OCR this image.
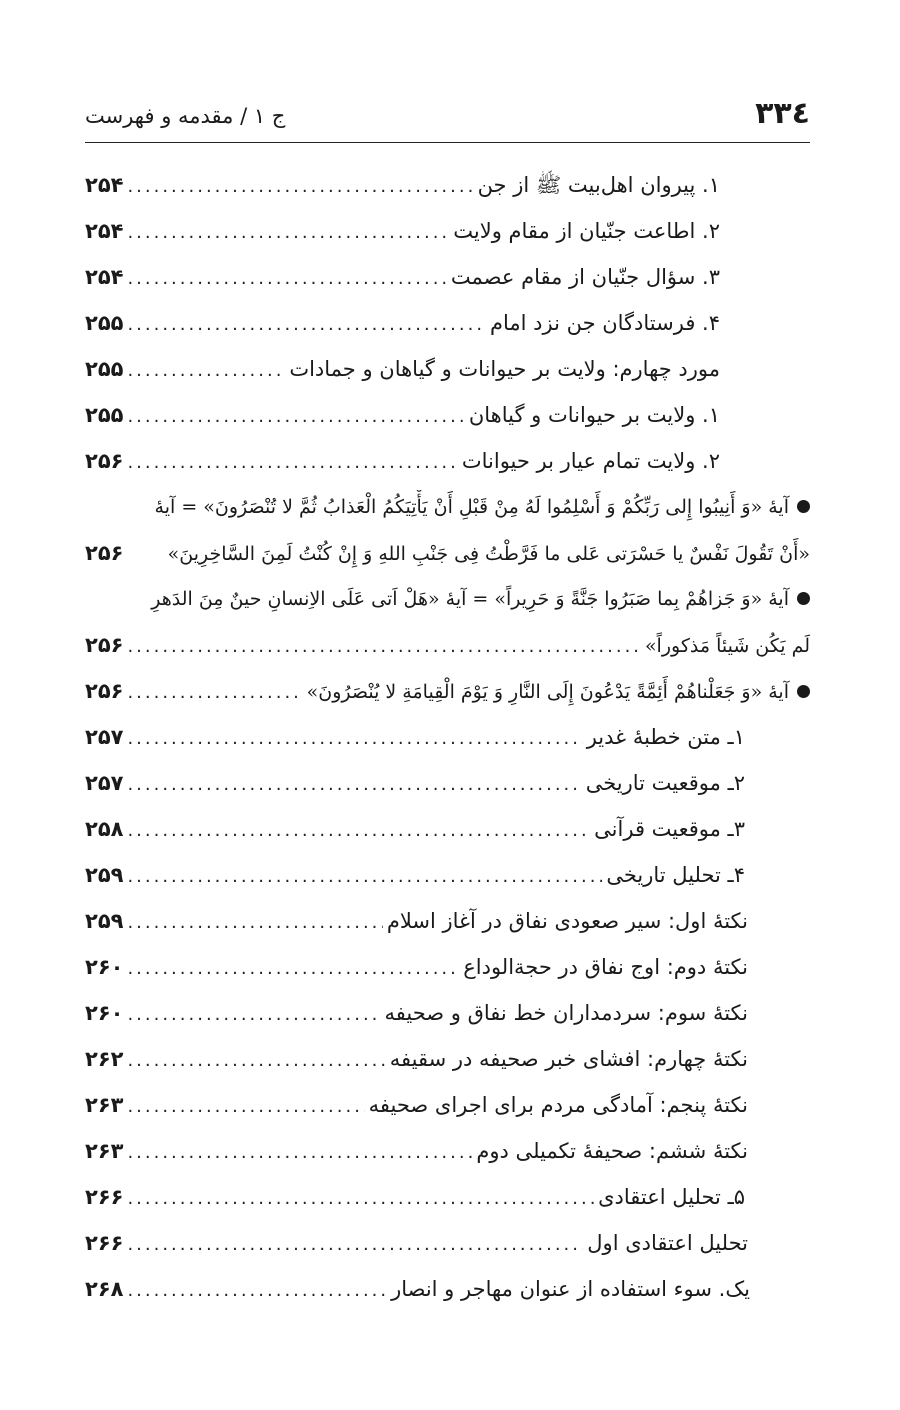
۳۳٤
ج ۱ / مقدمه و فهرست
۱. پیروان اهل‌بیت ﷺ از جن
.....
۲۵۴
۲. اطاعت جنّیان از مقام ولایت
.....
۲۵۴
۳. سؤال جنّیان از مقام عصمت
.....
۲۵۴
۴. فرستادگان جن نزد امام
.....
۲۵۵
مورد چهارم: ولایت بر حیوانات و گیاهان و جمادات
.....
۲۵۵
۱. ولایت بر حیوانات و گیاهان
.....
۲۵۵
۲. ولایت تمام عیار بر حیوانات
.....
۲۵۶
آیهٔ «وَ أَنِیبُوا إِلی رَبِّکُمْ وَ أَسْلِمُوا لَهُ مِنْ قَبْلِ أَنْ یَأْتِیَکُمُ الْعَذابُ ثُمَّ لا تُنْصَرُونَ» = آیهٔ
«أَنْ تَقُولَ نَفْسٌ یا حَسْرَتی عَلی ما فَرَّطْتُ فِی جَنْبِ اللهِ وَ إِنْ کُنْتُ لَمِنَ السَّاخِرِینَ»
۲۵۶
آیهٔ «وَ جَزاهُمْ بِما صَبَرُوا جَنَّةً وَ حَرِیراً» = آیهٔ «هَلْ اَتی عَلَی الاِنسانِ حینٌ مِنَ الدَهرِ
لَم یَکُن شَیئاً مَذکوراً»
.....
۲۵۶
آیهٔ «وَ جَعَلْناهُمْ أَئِمَّةً یَدْعُونَ إِلَی النَّارِ وَ یَوْمَ الْقِیامَةِ لا یُنْصَرُونَ»
.....
۲۵۶
۱ـ متن خطبهٔ غدیر
.....
۲۵۷
۲ـ موقعیت تاریخی
.....
۲۵۷
۳ـ موقعیت قرآنی
.....
۲۵۸
۴ـ تحلیل تاریخی
.....
۲۵۹
نکتهٔ اول: سیر صعودی نفاق در آغاز اسلام
.....
۲۵۹
نکتهٔ دوم: اوج نفاق در حجةالوداع
.....
۲۶۰
نکتهٔ سوم: سردمداران خط نفاق و صحیفه
.....
۲۶۰
نکتهٔ چهارم: افشای خبر صحیفه در سقیفه
.....
۲۶۲
نکتهٔ پنجم: آمادگی مردم برای اجرای صحیفه
.....
۲۶۳
نکتهٔ ششم: صحیفهٔ تکمیلی دوم
.....
۲۶۳
۵ـ تحلیل اعتقادی
.....
۲۶۶
تحلیل اعتقادی اول
.....
۲۶۶
یک. سوء استفاده از عنوان مهاجر و انصار
.....
۲۶۸
